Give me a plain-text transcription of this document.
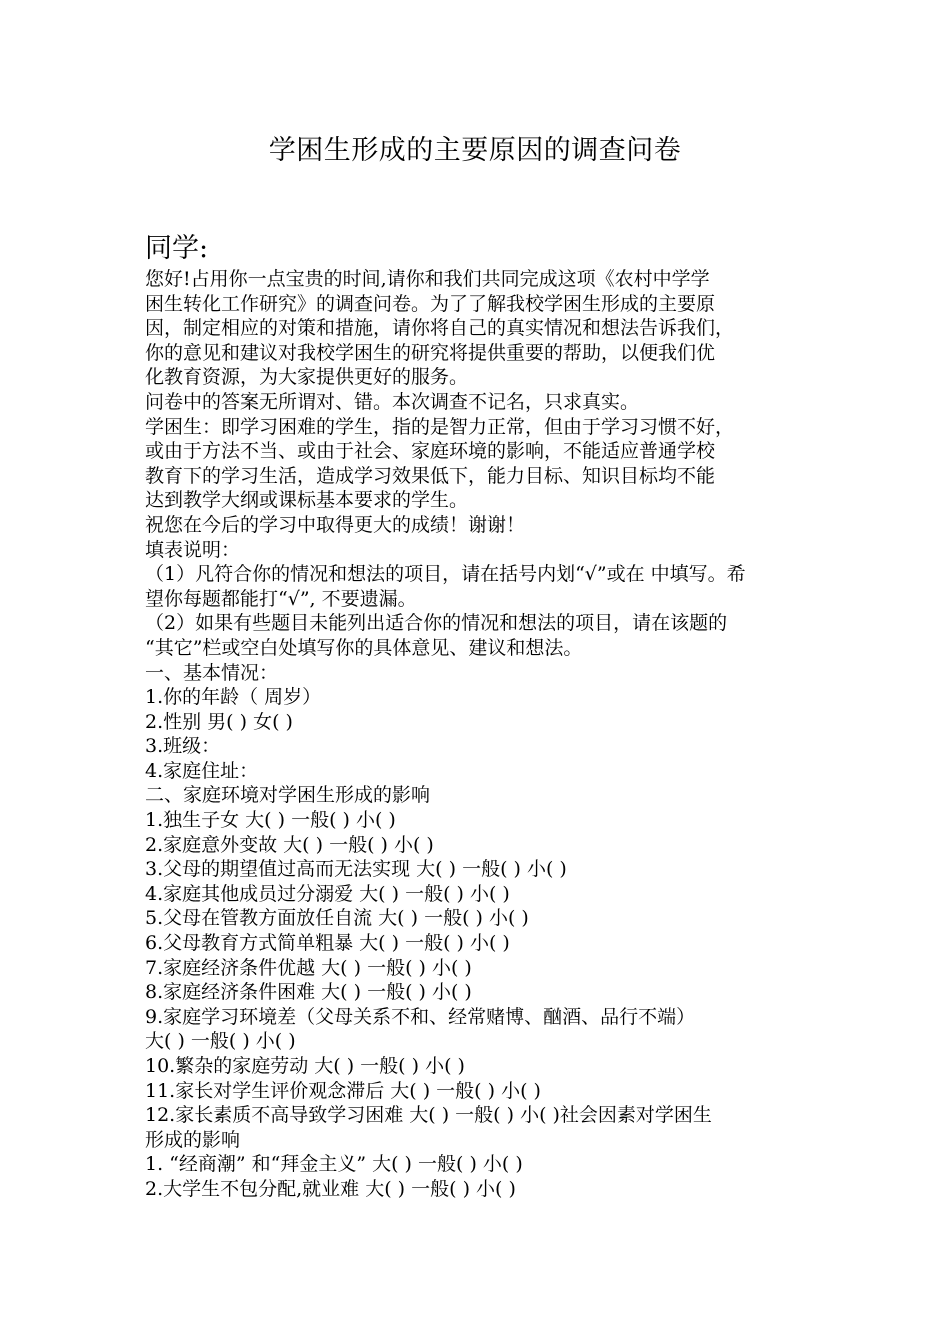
学困生形成的主要原因的调查问卷
同学:
您好!占用你一点宝贵的时间,请你和我们共同完成这项《农村中学学
困生转化工作研究》的调查问卷。为了了解我校学困生形成的主要原
因，制定相应的对策和措施，请你将自己的真实情况和想法告诉我们，
你的意见和建议对我校学困生的研究将提供重要的帮助，以便我们优
化教育资源，为大家提供更好的服务。
问卷中的答案无所谓对、错。本次调查不记名，只求真实。
学困生：即学习困难的学生，指的是智力正常，但由于学习习惯不好，
或由于方法不当、或由于社会、家庭环境的影响，不能适应普通学校
教育下的学习生活，造成学习效果低下，能力目标、知识目标均不能
达到教学大纲或课标基本要求的学生。
祝您在今后的学习中取得更大的成绩！谢谢！
填表说明：
（1）凡符合你的情况和想法的项目，请在括号内划“√”或在 中填写。希
望你每题都能打“√”, 不要遗漏。
（2）如果有些题目未能列出适合你的情况和想法的项目，请在该题的
“其它”栏或空白处填写你的具体意见、建议和想法。
一、基本情况：
1.你的年龄（ 周岁）
2.性别 男( ) 女( )
3.班级：
4.家庭住址：
二、家庭环境对学困生形成的影响
1.独生子女 大( ) 一般( ) 小( )
2.家庭意外变故 大( ) 一般( ) 小( )
3.父母的期望值过高而无法实现 大( ) 一般( ) 小( )
4.家庭其他成员过分溺爱 大( ) 一般( ) 小( )
5.父母在管教方面放任自流 大( ) 一般( ) 小( )
6.父母教育方式简单粗暴 大( ) 一般( ) 小( )
7.家庭经济条件优越 大( ) 一般( ) 小( )
8.家庭经济条件困难 大( ) 一般( ) 小( )
9.家庭学习环境差（父母关系不和、经常赌博、酗酒、品行不端）
大( ) 一般( ) 小( )
10.繁杂的家庭劳动 大( ) 一般( ) 小( )
11.家长对学生评价观念滞后 大( ) 一般( ) 小( )
12.家长素质不高导致学习困难 大( ) 一般( ) 小( )社会因素对学困生
形成的影响
1. “经商潮” 和“拜金主义” 大( ) 一般( ) 小( )
2.大学生不包分配,就业难 大( ) 一般( ) 小( )
